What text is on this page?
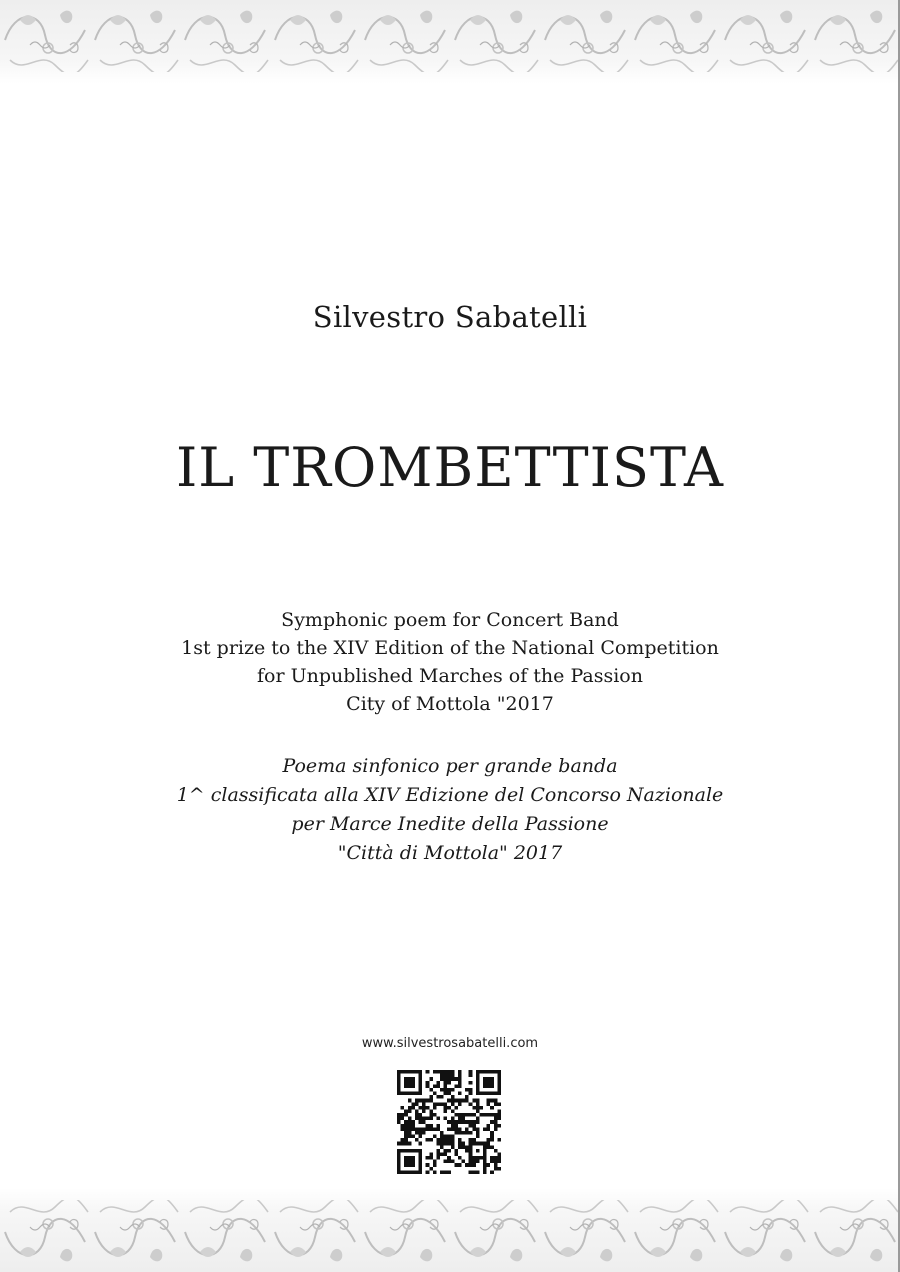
Silvestro Sabatelli
IL TROMBETTISTA
Symphonic poem for Concert Band
1st prize to the XIV Edition of the National Competition
for Unpublished Marches of the Passion
City of Mottola "2017
Poema sinfonico per grande banda
1^ classificata alla XIV Edizione del Concorso Nazionale
per Marce Inedite della Passione
"Città di Mottola" 2017
www.silvestrosabatelli.com
